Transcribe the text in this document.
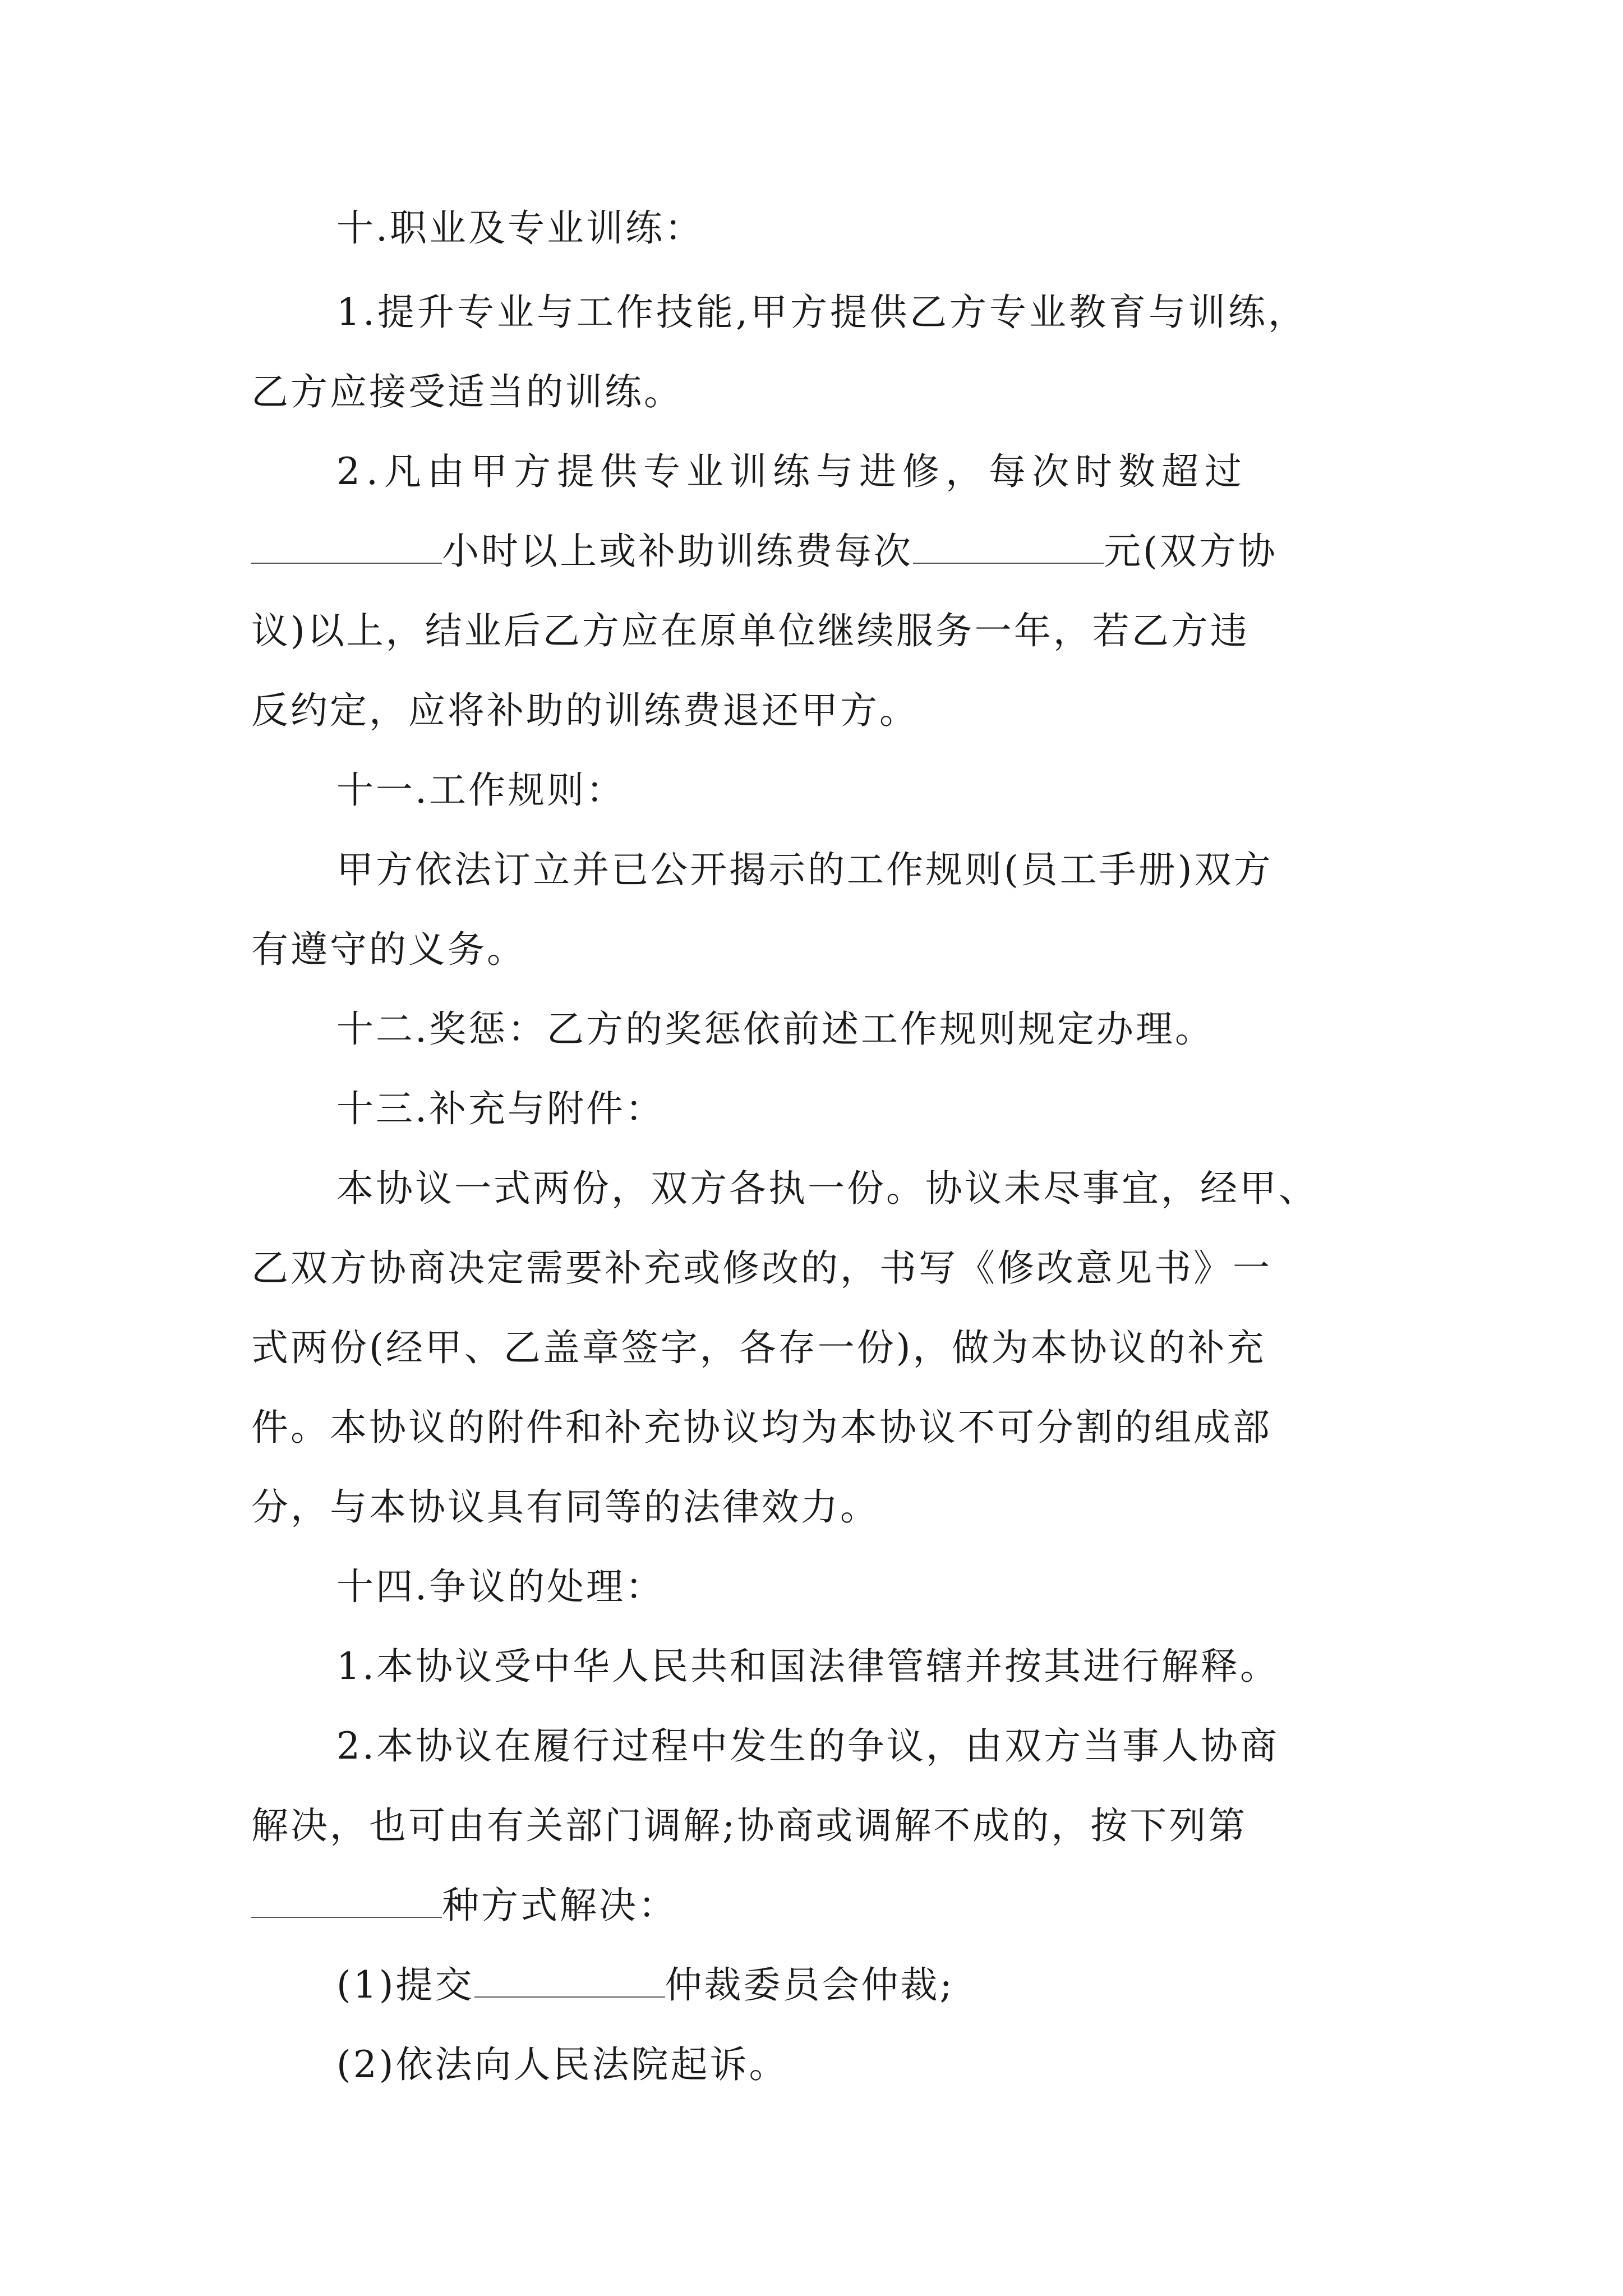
十.职业及专业训练：
1.提升专业与工作技能,甲方提供乙方专业教育与训练，
乙方应接受适当的训练。
2.凡由甲方提供专业训练与进修，每次时数超过
小时以上或补助训练费每次	元(双方协
议)以上，结业后乙方应在原单位继续服务一年，若乙方违
反约定，应将补助的训练费退还甲方。
十一.工作规则：
甲方依法订立并已公开揭示的工作规则(员工手册)双方
有遵守的义务。
十二.奖惩：乙方的奖惩依前述工作规则规定办理。
十三.补充与附件：
本协议一式两份，双方各执一份。协议未尽事宜，经甲、
乙双方协商决定需要补充或修改的，书写《修改意见书》一
式两份(经甲、乙盖章签字，各存一份)，做为本协议的补充
件。本协议的附件和补充协议均为本协议不可分割的组成部
分，与本协议具有同等的法律效力。
十四.争议的处理：
1.本协议受中华人民共和国法律管辖并按其进行解释。
2.本协议在履行过程中发生的争议，由双方当事人协商
解决，也可由有关部门调解;协商或调解不成的，按下列第
种方式解决：
(1)提交	仲裁委员会仲裁;
(2)依法向人民法院起诉。
